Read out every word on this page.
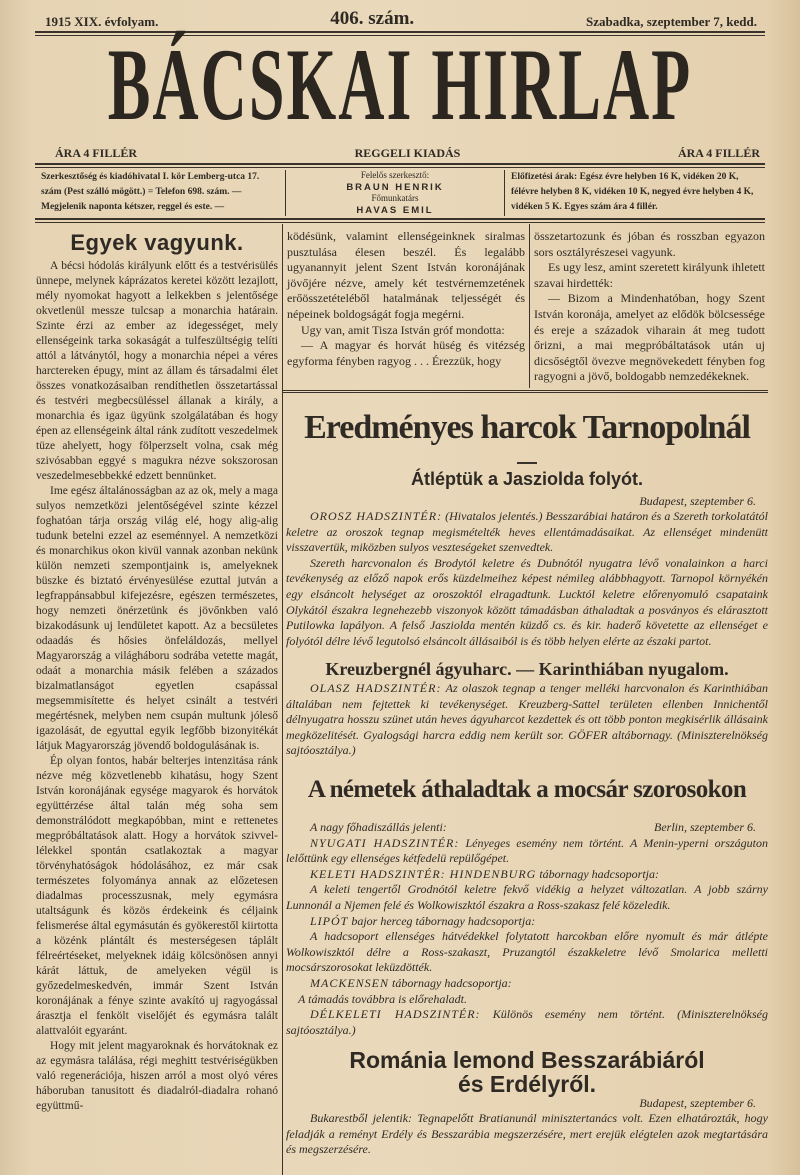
1915 XIX. évfolyam.	406. szám.	Szabadka, szeptember 7, kedd.
BÁCSKAI HIRLAP
ÁRA 4 FILLÉR	REGGELI KIADÁS	ÁRA 4 FILLÉR
Szerkesztőség és kiadóhivatal I. kör Lemberg-utca 17. szám (Pest szálló mögött.) = Telefon 698. szám. — Megjelenik naponta kétszer, reggel és este. —
Felelős szerkesztő:
BRAUN HENRIK
Főmunkatárs
HAVAS EMIL
Előfizetési árak: Egész évre helyben 16 K, vidéken 20 K, félévre helyben 8 K, vidéken 10 K, negyed évre helyben 4 K, vidéken 5 K. Egyes szám ára 4 fillér.
Egyek vagyunk.

A bécsi hódolás királyunk előtt és a testvérisülés ünnepe, melynek káprázatos keretei között lezajlott, mély nyomokat hagyott a lelkekben s jelentősége okvetlenül messze tulcsap a monarchia határain. Szinte érzi az ember az idegességet, mely ellenségeink tarka sokaságát a tulfeszültségig telíti attól a látványtól, hogy a monarchia népei a véres harctereken épugy, mint az állam és társadalmi élet összes vonatkozásaiban rendíthetlen összetartással és testvéri megbecsüléssel állanak a király, a monarchia és igaz ügyünk szolgálatában és hogy épen az ellenségeink által ránk zudított veszedelmek tüze ahelyett, hogy fölperzselt volna, csak még szivósabban eggyé s magukra nézve sokszorosan veszedelmesebbekké edzett bennünket.

Ime egész általánosságban az az ok, mely a maga sulyos nemzetközi jelentőségével szinte kézzel foghatóan tárja ország világ elé, hogy alig-alig tudunk betelni ezzel az eseménnyel. A nemzetközi és monarchikus okon kivül vannak azonban nekünk külön nemzeti szempontjaink is, amelyeknek büszke és biztató érvényesülése ezuttal jutván a legfrappánsabbul kifejezésre, egészen természetes, hogy nemzeti önérzetünk és jövőnkben való bizakodásunk uj lendületet kapott. Az a becsületes odaadás és hősies önfeláldozás, mellyel Magyarország a világháboru sodrába vetette magát, odaát a monarchia másik felében a százados bizalmatlanságot egyetlen csapással megsemmisítette és helyet csinált a testvéri megértésnek, melyben nem csupán multunk jóleső igazolását, de egyuttal egyik legfőbb bizonyitékát látjuk Magyarország jövendő boldogulásának is.

Ép olyan fontos, habár belterjes intenzitása ránk nézve még közvetlenebb kihatásu, hogy Szent István koronájának egysége magyarok és horvátok együttérzése által talán még soha sem demonstrálódott megkapóbban, mint e rettenetes megpróbáltatások alatt. Hogy a horvátok szivvel-lélekkel spontán csatlakoztak a magyar törvényhatóságok hódolásához, ez már csak természetes folyománya annak az előzetesen diadalmas processzusnak, mely egymásra utaltságunk és közös érdekeink és céljaink felismerése által egymásután és gyökerestől kiirtotta a közénk plántált és mesterségesen táplált félreértéseket, melyeknek idáig kölcsönösen annyi kárát láttuk, de amelyeken végül is győzedelmeskedvén, immár Szent István koronájának a fénye szinte avakító uj ragyogással árasztja el fenkölt viselőjét és egymásra talált alattvalóit egyaránt.

Hogy mit jelent magyaroknak és horvátoknak ez az egymásra találása, régi meghitt testvériségükben való regenerációja, hiszen arról a most olyó véres háboruban tanusitott és diadalról-diadalra rohanó együttmű-

ködésünk, valamint ellenségeinknek siralmas pusztulása élesen beszél. És legalább ugyanannyit jelent Szent István koronájának jövőjére nézve, amely két testvérnemzetének erőösszetételéből hatalmának teljességét és népeinek boldogságát fogja megérni.

Ugy van, amit Tisza István gróf mondotta:

— A magyar és horvát hüség és vitézség egyforma fényben ragyog . . . Érezzük, hogy

összetartozunk és jóban és rosszban egyazon sors osztályrészesei vagyunk.

Es ugy lesz, amint szeretett királyunk ihletett szavai hirdették:

— Bizom a Mindenhatóban, hogy Szent István koronája, amelyet az elődök bölcsessége és ereje a századok viharain át meg tudott őrizni, a mai megpróbáltatások után uj dicsőségtől övezve megnövekedett fényben fog ragyogni a jövő, boldogabb nemzedékeknek.

Eredményes harcok Tarnopolnál
Átléptük a Jasziolda folyót.
Budapest, szeptember 6.

OROSZ HADSZINTÉR: (Hivatalos jelentés.) Besszarábiai határon és a Szereth torkolatától keletre az oroszok tegnap megismételték heves ellentámadásaikat. Az ellenséget mindenütt visszavertük, miközben sulyos veszteségeket szenvedtek.

Szereth harcvonalon és Brodytól keletre és Dubnótól nyugatra lévő vonalainkon a harci tevékenység az előző napok erős küzdelmeihez képest némileg alábbhagyott. Tarnopol környékén egy elsáncolt helységet az oroszoktól elragadtunk. Lucktól keletre előrenyomuló csapataink Olykától északra legnehezebb viszonyok között támadásban áthaladtak a posványos és elárasztott Putilowka lapályon. A felső Jasziolda mentén küzdő cs. és kir. haderő követette az ellenséget e folyótól délre lévő legutolsó elsáncolt állásaiból is és több helyen elérte az északi partot.

Kreuzbergnél ágyuharc. — Karinthiában nyugalom.

OLASZ HADSZINTÉR: Az olaszok tegnap a tenger melléki harcvonalon és Karinthiában általában nem fejtettek ki tevékenységet. Kreuzberg-Sattel területen ellenben Innichentől délnyugatra hosszu szünet után heves ágyuharcot kezdettek és ott több ponton megkisérlik állásaink megközelitését. Gyalogsági harcra eddig nem került sor. GÖFER altábornagy. (Miniszterelnökség sajtóosztálya.)

A németek áthaladtak a mocsár szorosokon

A nagy főhadiszállás jelenti:	Berlin, szeptember 6.

NYUGATI HADSZINTÉR: Lényeges esemény nem történt. A Menin-yperni országuton lelőttünk egy ellenséges kétfedelü repülőgépet.

KELETI HADSZINTÉR: HINDENBURG tábornagy hadcsoportja:

A keleti tengertől Grodnótól keletre fekvő vidékig a helyzet változatlan. A jobb szárny Lunnonál a Njemen felé és Wolkowiszktól északra a Ross-szakasz felé közeledik.

LIPÓT bajor herceg tábornagy hadcsoportja:

A hadcsoport ellenséges hátvédekkel folytatott harcokban előre nyomult és már átlépte Wolkowiszktól délre a Ross-szakaszt, Pruzangtól északkeletre lévő Smolarica melletti mocsárszorosokat leküzdötték.

MACKENSEN tábornagy hadcsoportja:

A támadás továbbra is előrehaladt.

DÉLKELETI HADSZINTÉR: Különös esemény nem történt. (Miniszterelnökség sajtóosztálya.)

Románia lemond Besszarábiáról
és Erdélyről.
Budapest, szeptember 6.

Bukarestből jelentik: Tegnapelőtt Bratianunál minisztertanács volt. Ezen elhatározták, hogy feladják a reményt Erdély és Besszarábia megszerzésére, mert erejük elégtelen azok megtartására és megszerzésére.
